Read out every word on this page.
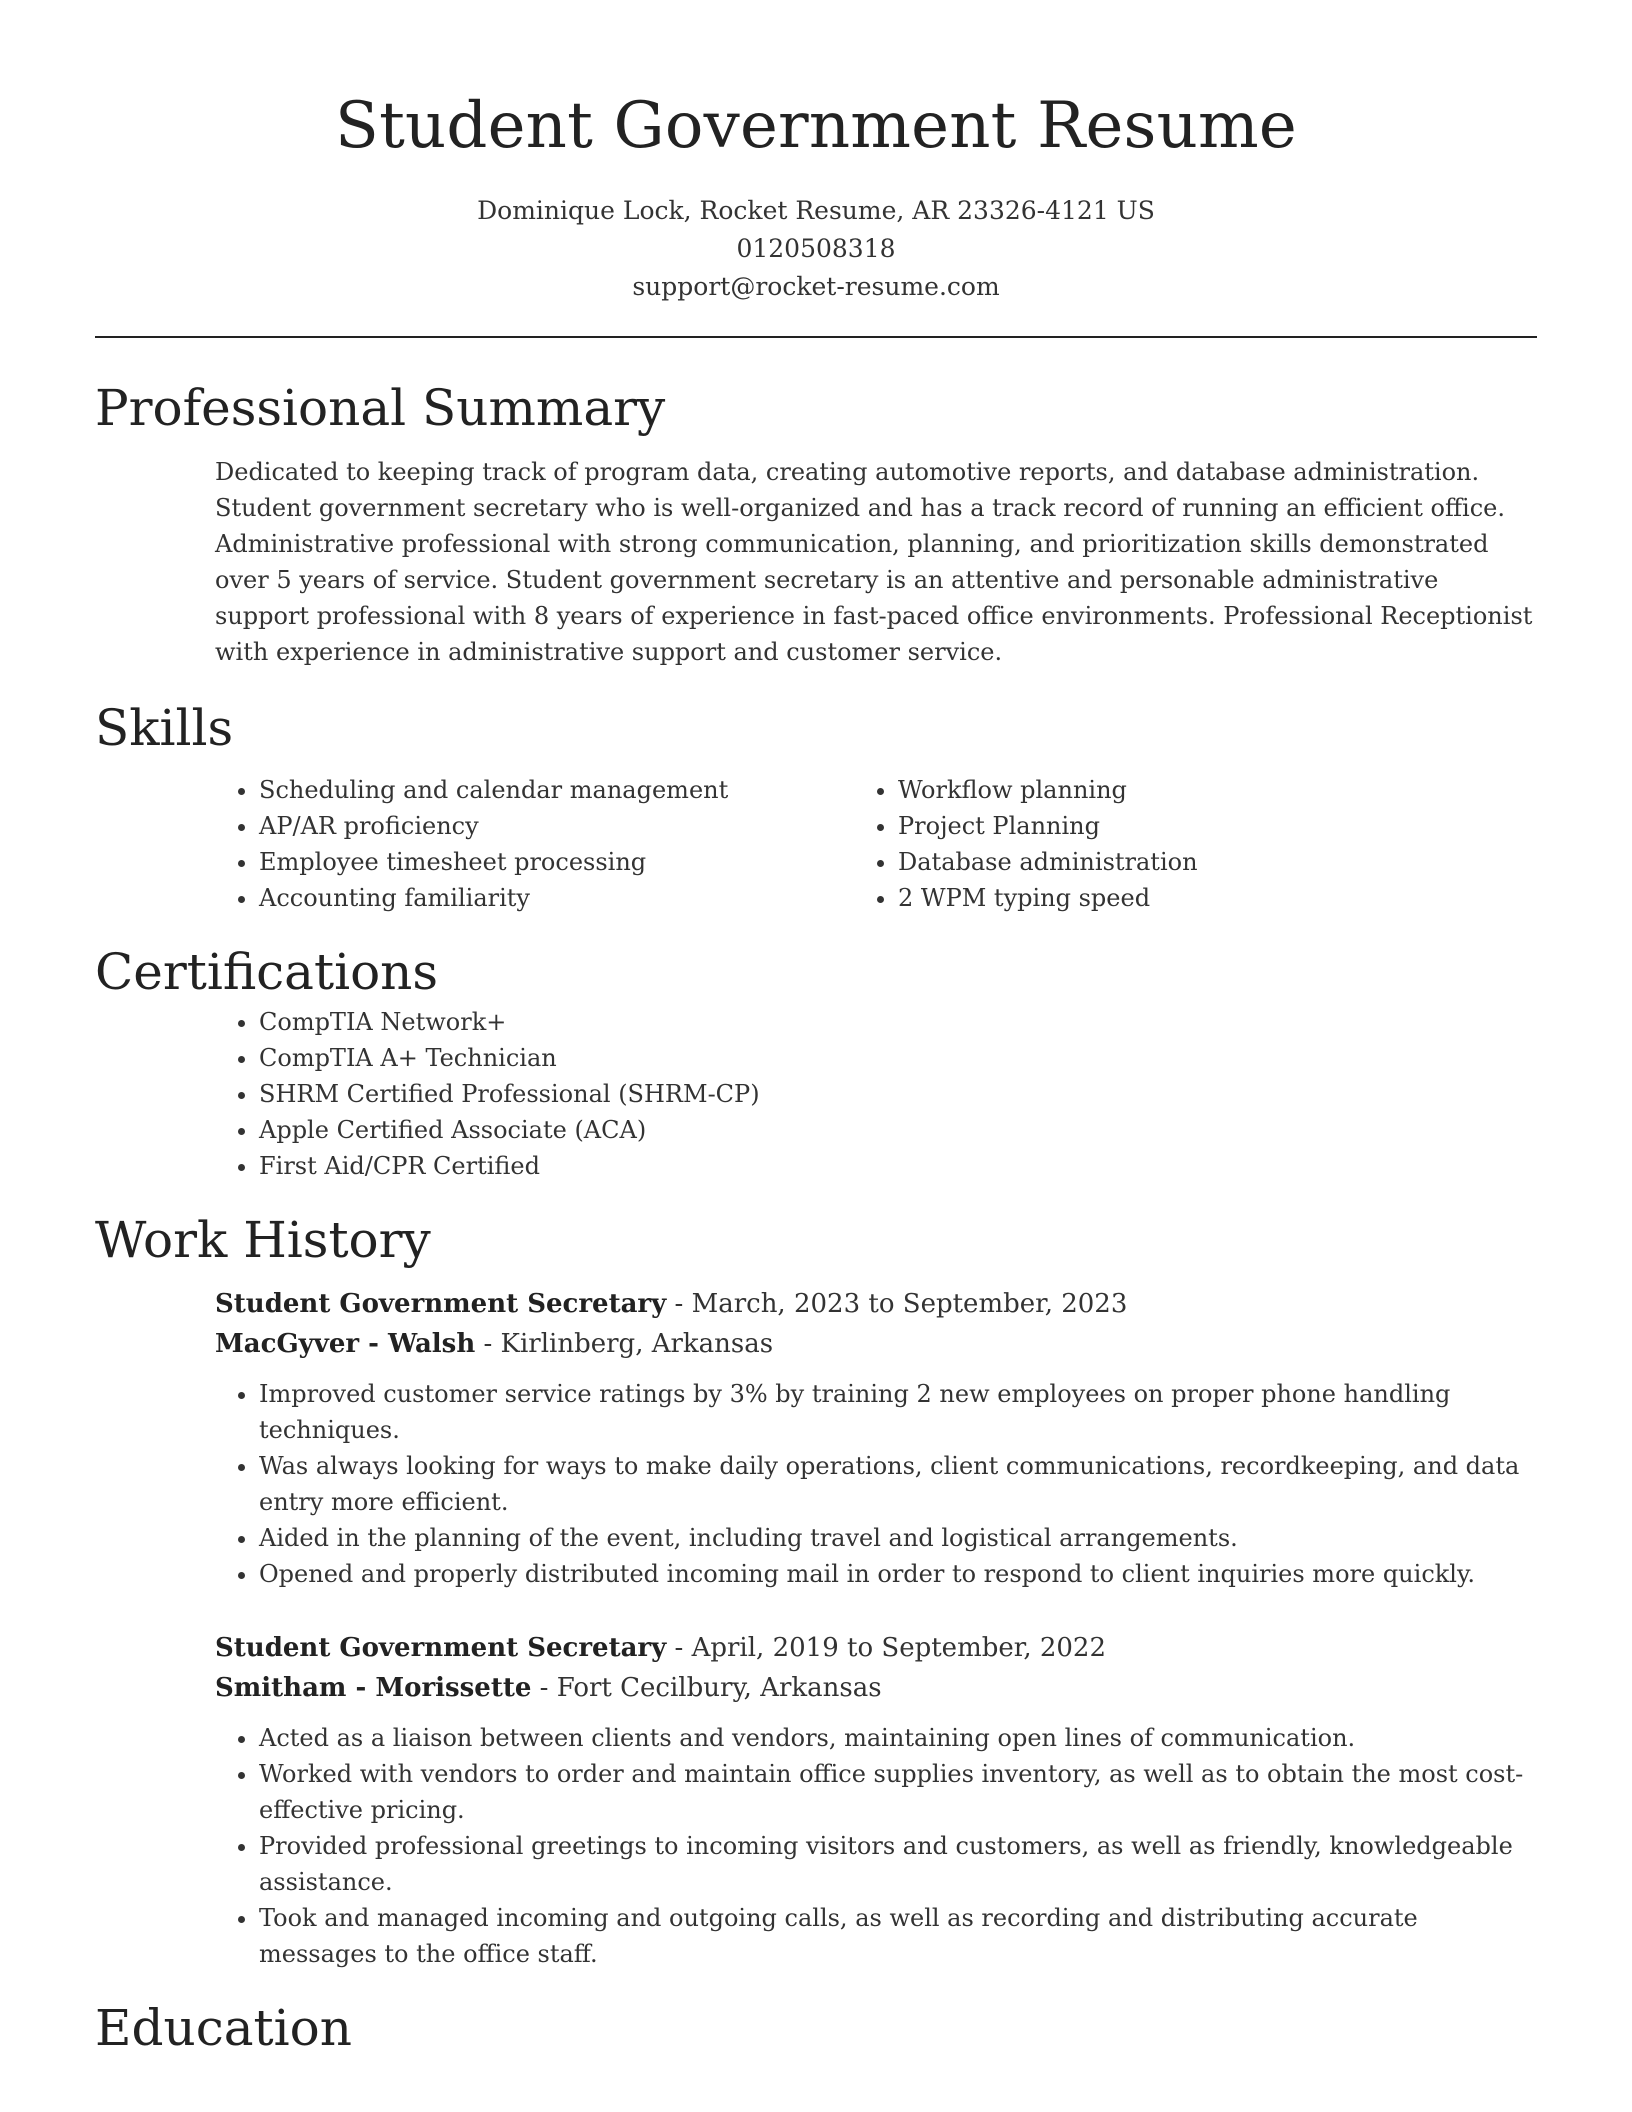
Student Government Resume
Dominique Lock, Rocket Resume, AR 23326-4121 US
0120508318
support@rocket-resume.com
Professional Summary

Dedicated to keeping track of program data, creating automotive reports, and database administration. Student government secretary who is well-organized and has a track record of running an efficient office. Administrative professional with strong communication, planning, and prioritization skills demonstrated over 5 years of service. Student government secretary is an attentive and personable administrative support professional with 8 years of experience in fast-paced office environments. Professional Receptionist with experience in administrative support and customer service.

Skills
• Scheduling and calendar management
• AP/AR proficiency
• Employee timesheet processing
• Accounting familiarity
• Workflow planning
• Project Planning
• Database administration
• 2 WPM typing speed
Certifications
• CompTIA Network+
• CompTIA A+ Technician
• SHRM Certified Professional (SHRM-CP)
• Apple Certified Associate (ACA)
• First Aid/CPR Certified
Work History
Student Government Secretary - March, 2023 to September, 2023
MacGyver - Walsh - Kirlinberg, Arkansas
• Improved customer service ratings by 3% by training 2 new employees on proper phone handling techniques.
• Was always looking for ways to make daily operations, client communications, recordkeeping, and data entry more efficient.
• Aided in the planning of the event, including travel and logistical arrangements.
• Opened and properly distributed incoming mail in order to respond to client inquiries more quickly.
Student Government Secretary - April, 2019 to September, 2022
Smitham - Morissette - Fort Cecilbury, Arkansas
• Acted as a liaison between clients and vendors, maintaining open lines of communication.
• Worked with vendors to order and maintain office supplies inventory, as well as to obtain the most cost-effective pricing.
• Provided professional greetings to incoming visitors and customers, as well as friendly, knowledgeable assistance.
• Took and managed incoming and outgoing calls, as well as recording and distributing accurate messages to the office staff.
Education
